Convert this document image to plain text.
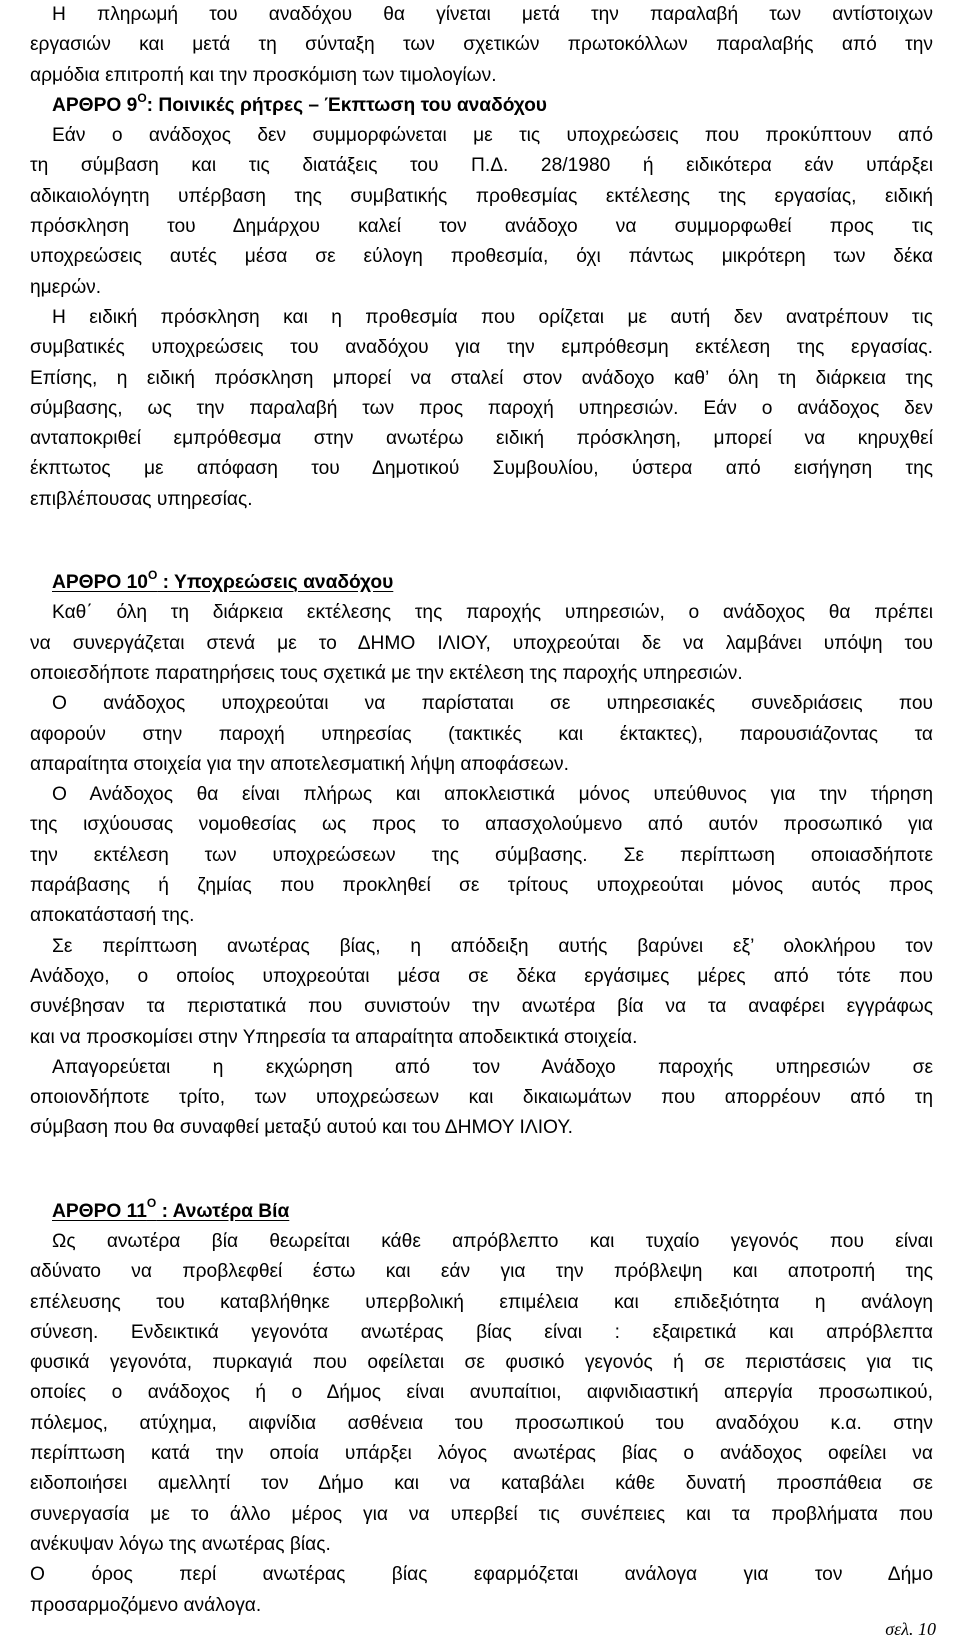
Η πληρωμή του αναδόχου θα γίνεται μετά την παραλαβή των αντίστοιχων
εργασιών και μετά τη σύνταξη των σχετικών πρωτοκόλλων παραλαβής από την
αρμόδια επιτροπή και την προσκόμιση των τιμολογίων.
ΑΡΘΡΟ $9^O$: Ποινικές ρήτρες – Έκπτωση του αναδόχου
Εάν ο ανάδοχος δεν συμμορφώνεται με τις υποχρεώσεις που προκύπτουν από
τη σύμβαση και τις διατάξεις του Π.Δ. 28/1980 ή ειδικότερα εάν υπάρξει
αδικαιολόγητη υπέρβαση της συμβατικής προθεσμίας εκτέλεσης της εργασίας, ειδική
πρόσκληση του Δημάρχου καλεί τον ανάδοχο να συμμορφωθεί προς τις
υποχρεώσεις αυτές μέσα σε εύλογη προθεσμία, όχι πάντως μικρότερη των δέκα
ημερών.
Η ειδική πρόσκληση και η προθεσμία που ορίζεται με αυτή δεν ανατρέπουν τις
συμβατικές υποχρεώσεις του αναδόχου για την εμπρόθεσμη εκτέλεση της εργασίας.
Επίσης, η ειδική πρόσκληση μπορεί να σταλεί στον ανάδοχο καθ’ όλη τη διάρκεια της
σύμβασης, ως την παραλαβή των προς παροχή υπηρεσιών. Εάν ο ανάδοχος δεν
ανταποκριθεί εμπρόθεσμα στην ανωτέρω ειδική πρόσκληση, μπορεί να κηρυχθεί
έκπτωτος με απόφαση του Δημοτικού Συμβουλίου, ύστερα από εισήγηση της
επιβλέπουσας υπηρεσίας.
ΑΡΘΡΟ $10^O$ : Υποχρεώσεις αναδόχου
Καθ΄ όλη τη διάρκεια εκτέλεσης της παροχής υπηρεσιών, ο ανάδοχος θα πρέπει
να συνεργάζεται στενά με το ΔΗΜΟ ΙΛΙΟΥ, υποχρεούται δε να λαμβάνει υπόψη του
οποιεσδήποτε παρατηρήσεις τους σχετικά με την εκτέλεση της παροχής υπηρεσιών.
Ο ανάδοχος υποχρεούται να παρίσταται σε υπηρεσιακές συνεδριάσεις που
αφορούν στην παροχή υπηρεσίας (τακτικές και έκτακτες), παρουσιάζοντας τα
απαραίτητα στοιχεία για την αποτελεσματική λήψη αποφάσεων.
Ο Ανάδοχος θα είναι πλήρως και αποκλειστικά μόνος υπεύθυνος για την τήρηση
της ισχύουσας νομοθεσίας ως προς το απασχολούμενο από αυτόν προσωπικό για
την εκτέλεση των υποχρεώσεων της σύμβασης. Σε περίπτωση οποιασδήποτε
παράβασης ή ζημίας που προκληθεί σε τρίτους υποχρεούται μόνος αυτός προς
αποκατάστασή της.
Σε περίπτωση ανωτέρας βίας, η απόδειξη αυτής βαρύνει εξ’ ολοκλήρου τον
Ανάδοχο, ο οποίος υποχρεούται μέσα σε δέκα εργάσιμες μέρες από τότε που
συνέβησαν τα περιστατικά που συνιστούν την ανωτέρα βία να τα αναφέρει εγγράφως
και να προσκομίσει στην Υπηρεσία τα απαραίτητα αποδεικτικά στοιχεία.
Απαγορεύεται η εκχώρηση από τον Ανάδοχο παροχής υπηρεσιών σε
οποιονδήποτε τρίτο, των υποχρεώσεων και δικαιωμάτων που απορρέουν από τη
σύμβαση που θα συναφθεί μεταξύ αυτού και του ΔΗΜΟΥ ΙΛΙΟΥ.
ΑΡΘΡΟ $11^O$ : Ανωτέρα Βία
Ως ανωτέρα βία θεωρείται κάθε απρόβλεπτο και τυχαίο γεγονός που είναι
αδύνατο να προβλεφθεί έστω και εάν για την πρόβλεψη και αποτροπή της
επέλευσης του καταβλήθηκε υπερβολική επιμέλεια και επιδεξιότητα η ανάλογη
σύνεση. Ενδεικτικά γεγονότα ανωτέρας βίας είναι : εξαιρετικά και απρόβλεπτα
φυσικά γεγονότα, πυρκαγιά που οφείλεται σε φυσικό γεγονός ή σε περιστάσεις για τις
οποίες ο ανάδοχος ή ο Δήμος είναι ανυπαίτιοι, αιφνιδιαστική απεργία προσωπικού,
πόλεμος, ατύχημα, αιφνίδια ασθένεια του προσωπικού του αναδόχου κ.α. στην
περίπτωση κατά την οποία υπάρξει λόγος ανωτέρας βίας ο ανάδοχος οφείλει να
ειδοποιήσει αμελλητί τον Δήμο και να καταβάλει κάθε δυνατή προσπάθεια σε
συνεργασία με το άλλο μέρος για να υπερβεί τις συνέπειες και τα προβλήματα που
ανέκυψαν λόγω της ανωτέρας βίας.
Ο όρος περί ανωτέρας βίας εφαρμόζεται ανάλογα για τον Δήμο
προσαρμοζόμενο ανάλογα.
σελ. 10
